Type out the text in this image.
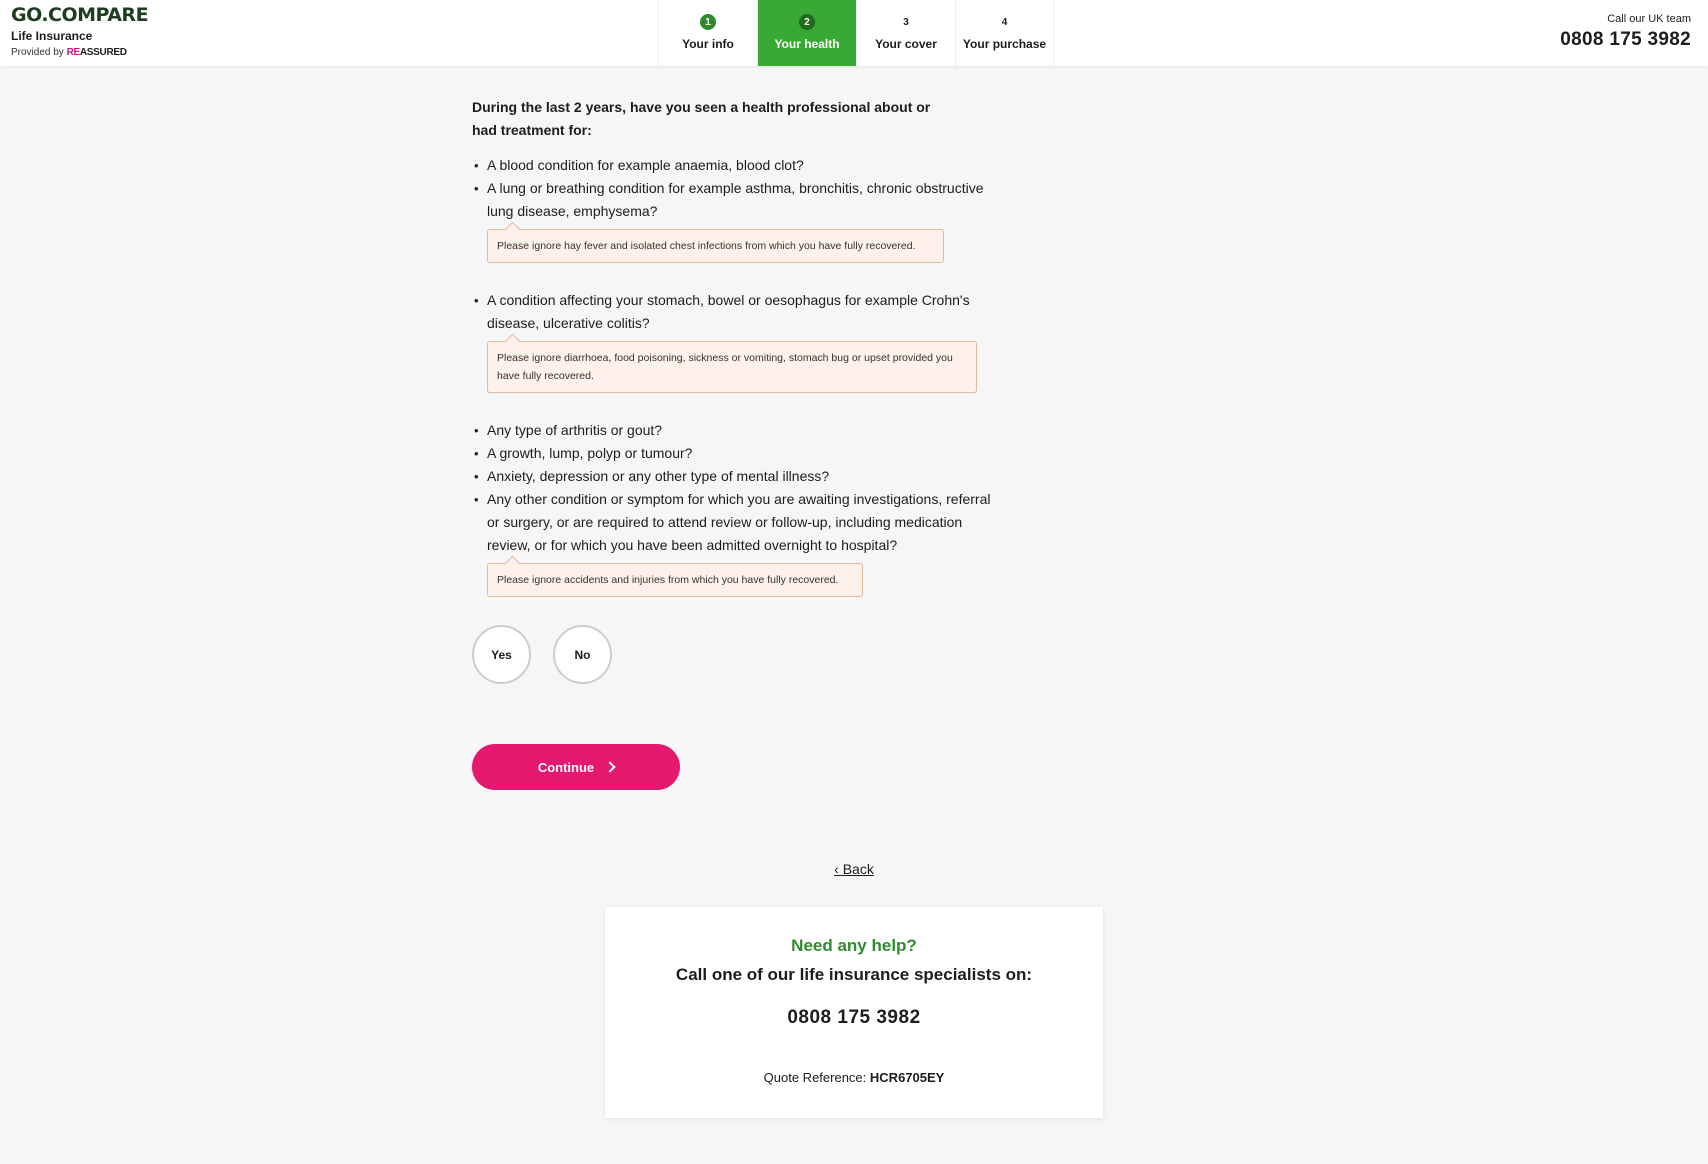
GO.COMPARE
Life Insurance
Provided by REASSURED
1
Your info
2
Your health
3
Your cover
4
Your purchase
Call our UK team
0808 175 3982
During the last 2 years, have you seen a health professional about or had treatment for:
• A blood condition for example anaemia, blood clot?
• A lung or breathing condition for example asthma, bronchitis, chronic obstructive lung disease, emphysema?
Please ignore hay fever and isolated chest infections from which you have fully recovered.
• A condition affecting your stomach, bowel or oesophagus for example Crohn's disease, ulcerative colitis?
Please ignore diarrhoea, food poisoning, sickness or vomiting, stomach bug or upset provided you have fully recovered.
• Any type of arthritis or gout?
• A growth, lump, polyp or tumour?
• Anxiety, depression or any other type of mental illness?
• Any other condition or symptom for which you are awaiting investigations, referral or surgery, or are required to attend review or follow-up, including medication review, or for which you have been admitted overnight to hospital?
Please ignore accidents and injuries from which you have fully recovered.
Yes	No
Continue
‹ Back
Need any help?
Call one of our life insurance specialists on:
0808 175 3982
Quote Reference: HCR6705EY
